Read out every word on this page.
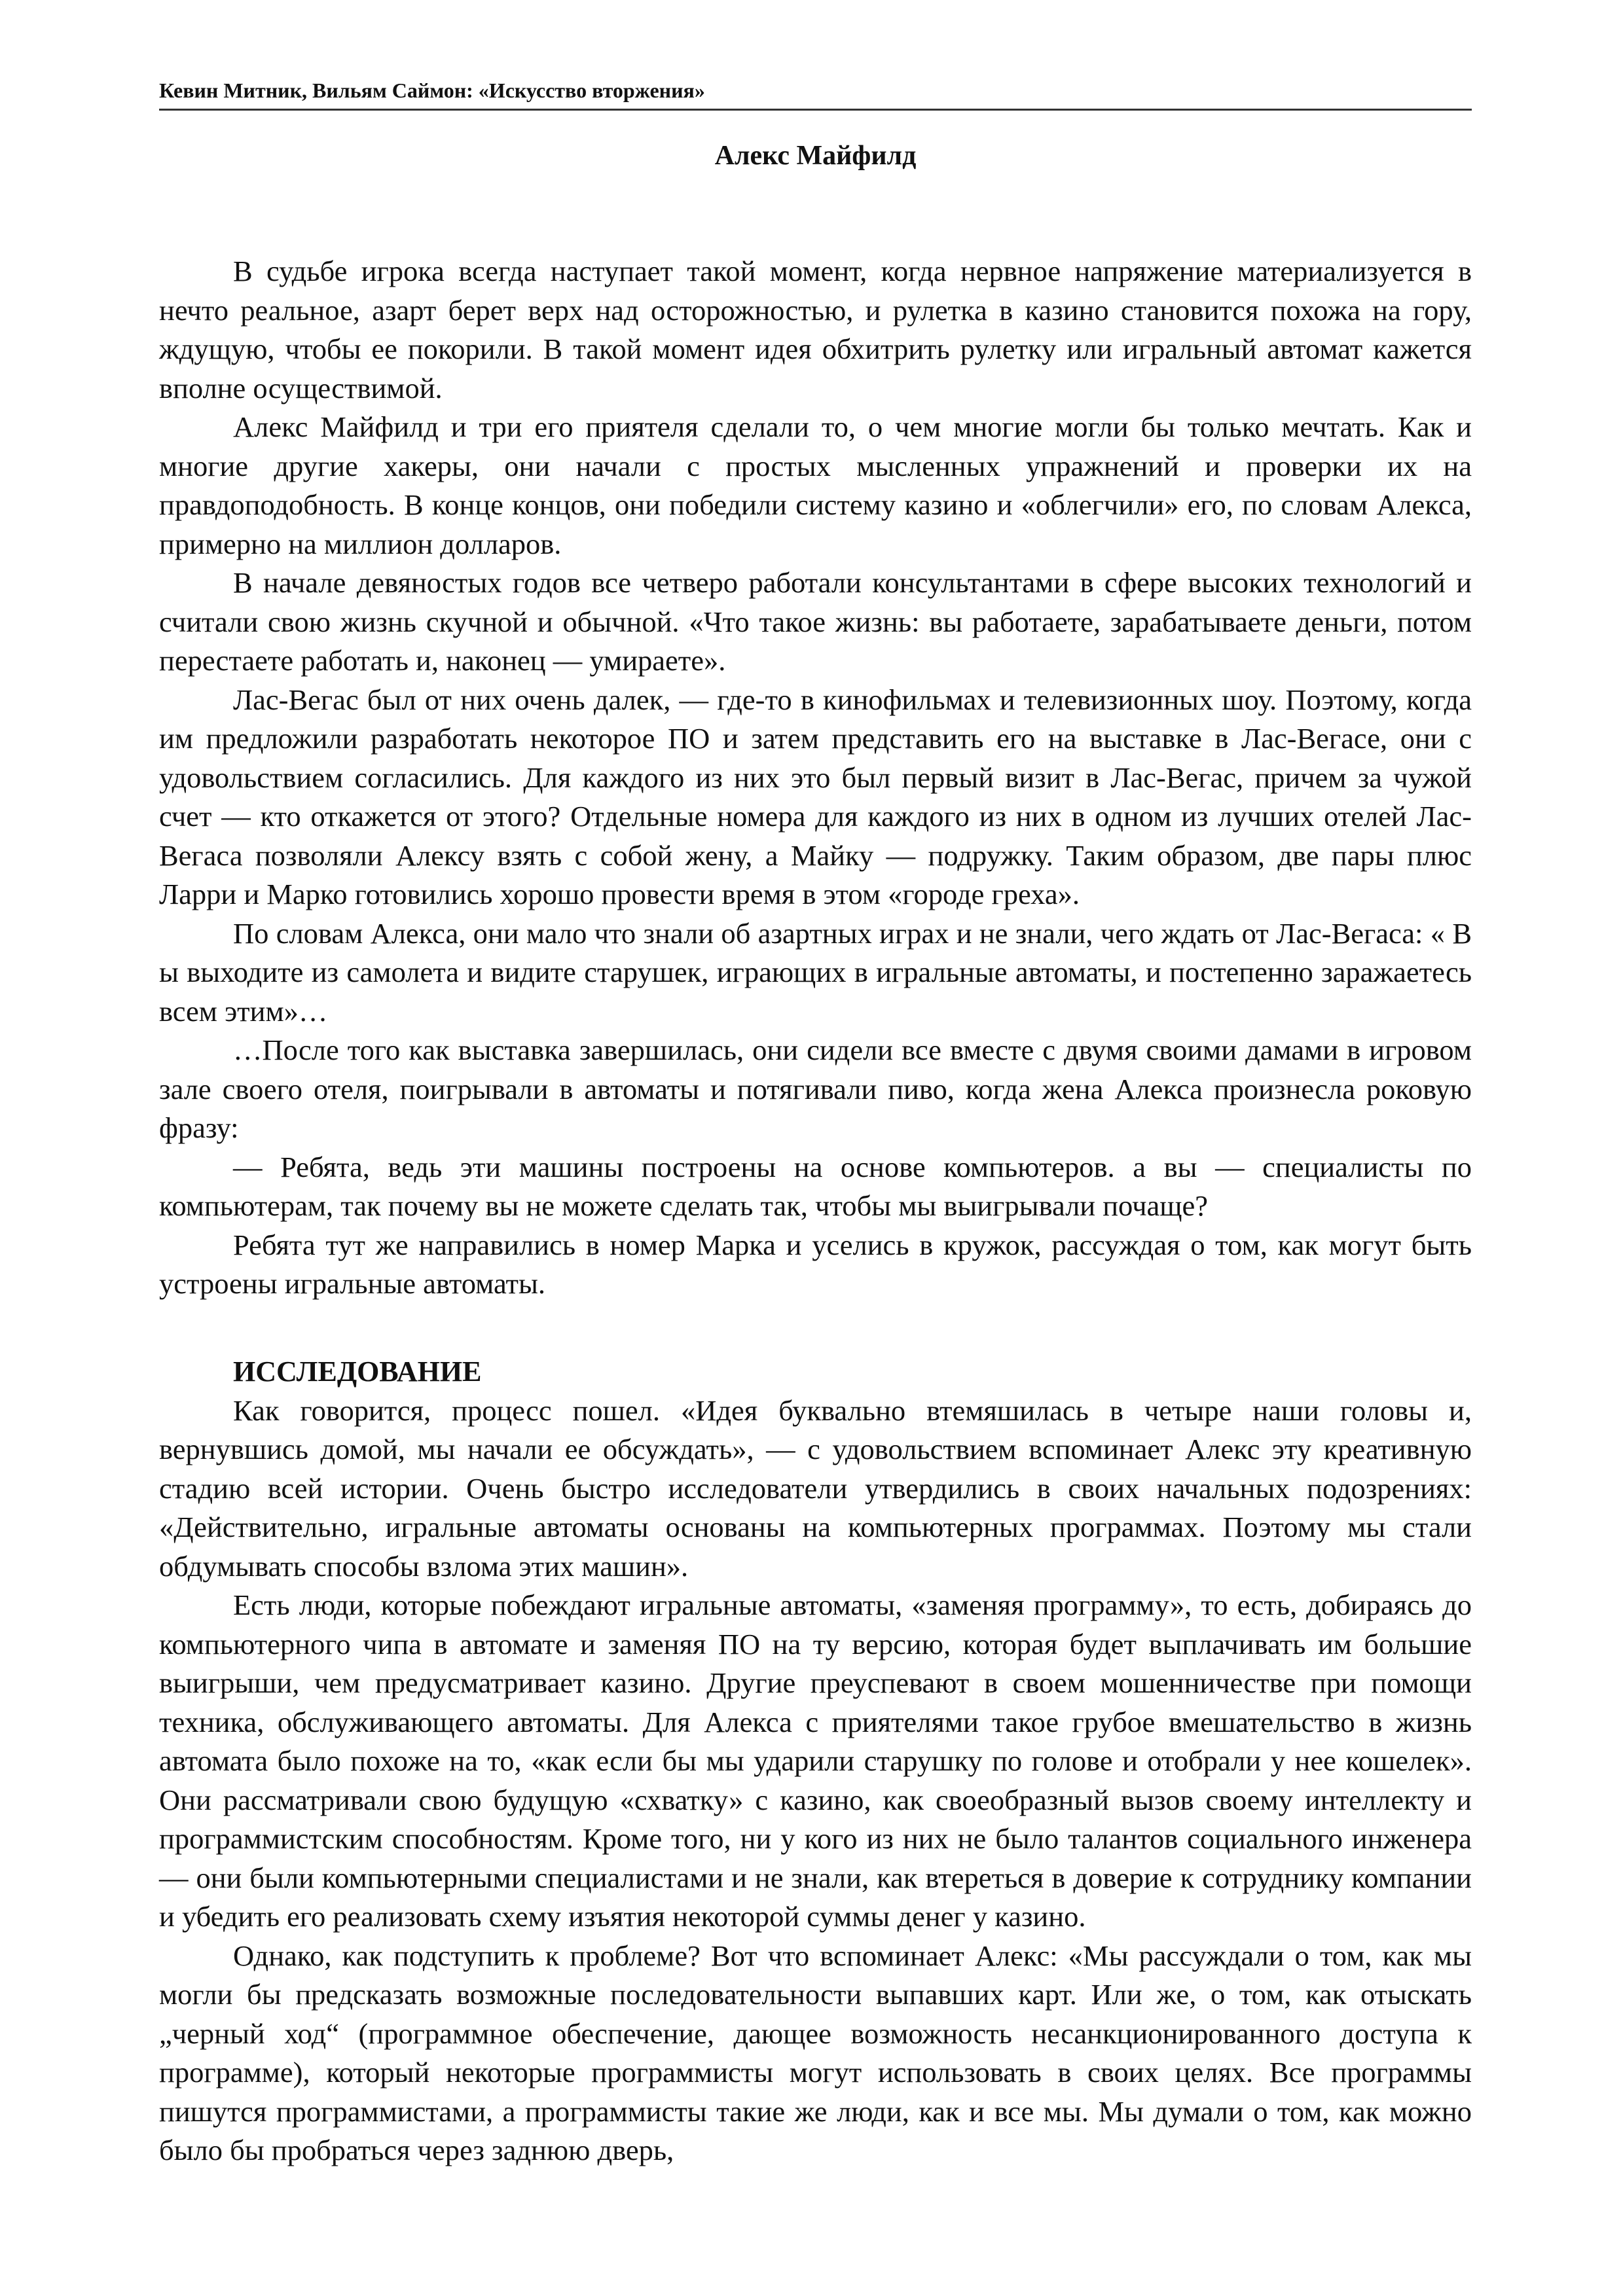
Кевин Митник, Вильям Саймон: «Искусство вторжения»
Алекс Майфилд

В судьбе игрока всегда наступает такой момент, когда нервное напряжение материализуется в нечто реальное, азарт берет верх над осторожностью, и рулетка в казино становится похожа на гору, ждущую, чтобы ее покорили. В такой момент идея обхитрить рулетку или игральный автомат кажется вполне осуществимой.

Алекс Майфилд и три его приятеля сделали то, о чем многие могли бы только мечтать. Как и многие другие хакеры, они начали с простых мысленных упражнений и проверки их на правдоподобность. В конце концов, они победили систему казино и «облегчили» его, по словам Алекса, примерно на миллион долларов.

В начале девяностых годов все четверо работали консультантами в сфере высоких технологий и считали свою жизнь скучной и обычной. «Что такое жизнь: вы работаете, зарабатываете деньги, потом перестаете работать и, наконец — умираете».

Лас-Вегас был от них очень далек, — где-то в кинофильмах и телевизионных шоу. Поэтому, когда им предложили разработать некоторое ПО и затем представить его на выставке в Лас-Вегасе, они с удовольствием согласились. Для каждого из них это был первый визит в Лас-Вегас, причем за чужой счет — кто откажется от этого? Отдельные номера для каждого из них в одном из лучших отелей Лас-Вегаса позволяли Алексу взять с собой жену, а Майку — подружку. Таким образом, две пары плюс Ларри и Марко готовились хорошо провести время в этом «городе греха».

По словам Алекса, они мало что знали об азартных играх и не знали, чего ждать от Лас-Вегаса: « В ы выходите из самолета и видите старушек, играющих в игральные автоматы, и постепенно заражаетесь всем этим»…

…После того как выставка завершилась, они сидели все вместе с двумя своими дамами в игровом зале своего отеля, поигрывали в автоматы и потягивали пиво, когда жена Алекса произнесла роковую фразу:

— Ребята, ведь эти машины построены на основе компьютеров. а вы — специалисты по компьютерам, так почему вы не можете сделать так, чтобы мы выигрывали почаще?

Ребята тут же направились в номер Марка и уселись в кружок, рассуждая о том, как могут быть устроены игральные автоматы.

ИССЛЕДОВАНИЕ

Как говорится, процесс пошел. «Идея буквально втемяшилась в четыре наши головы и, вернувшись домой, мы начали ее обсуждать», — с удовольствием вспоминает Алекс эту креативную стадию всей истории. Очень быстро исследователи утвердились в своих начальных подозрениях: «Действительно, игральные автоматы основаны на компьютерных программах. Поэтому мы стали обдумывать способы взлома этих машин».

Есть люди, которые побеждают игральные автоматы, «заменяя программу», то есть, добираясь до компьютерного чипа в автомате и заменяя ПО на ту версию, которая будет выплачивать им большие выигрыши, чем предусматривает казино. Другие преуспевают в своем мошенничестве при помощи техника, обслуживающего автоматы. Для Алекса с приятелями такое грубое вмешательство в жизнь автомата было похоже на то, «как если бы мы ударили старушку по голове и отобрали у нее кошелек». Они рассматривали свою будущую «схватку» с казино, как своеобразный вызов своему интеллекту и программистским способностям. Кроме того, ни у кого из них не было талантов социального инженера — они были компьютерными специалистами и не знали, как втереться в доверие к сотруднику компании и убедить его реализовать схему изъятия некоторой суммы денег у казино.

Однако, как подступить к проблеме? Вот что вспоминает Алекс: «Мы рассуждали о том, как мы могли бы предсказать возможные последовательности выпавших карт. Или же, о том, как отыскать „черный ход“ (программное обеспечение, дающее возможность несанкционированного доступа к программе), который некоторые программисты могут использовать в своих целях. Все программы пишутся программистами, а программисты такие же люди, как и все мы. Мы думали о том, как можно было бы пробраться через заднюю дверь,
